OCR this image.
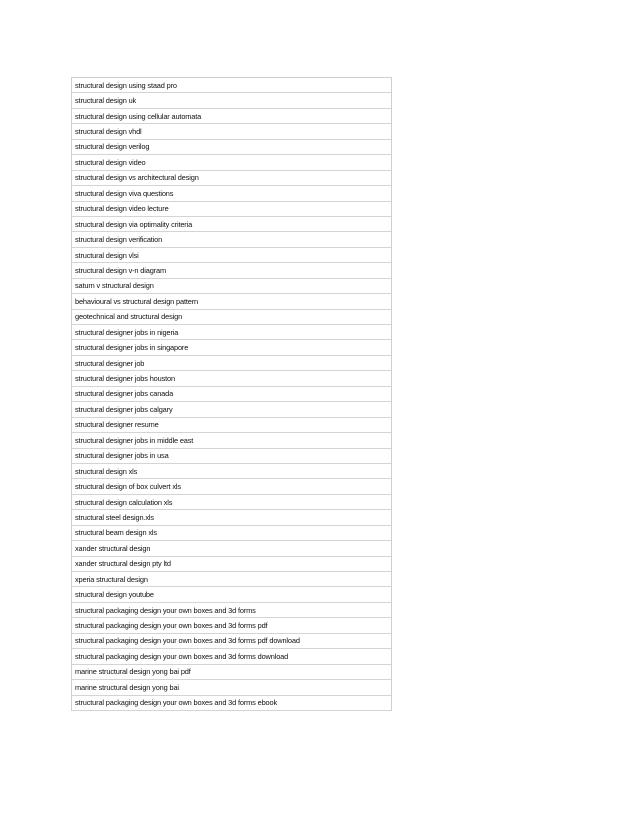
structural design using staad pro
structural design uk
structural design using cellular automata
structural design vhdl
structural design verilog
structural design video
structural design vs architectural design
structural design viva questions
structural design video lecture
structural design via optimality criteria
structural design verification
structural design vlsi
structural design v-n diagram
saturn v structural design
behavioural vs structural design pattern
geotechnical and structural design
structural designer jobs in nigeria
structural designer jobs in singapore
structural designer job
structural designer jobs houston
structural designer jobs canada
structural designer jobs calgary
structural designer resume
structural designer jobs in middle east
structural designer jobs in usa
structural design xls
structural design of box culvert xls
structural design calculation xls
structural steel design.xls
structural beam design xls
xander structural design
xander structural design pty ltd
xperia structural design
structural design youtube
structural packaging design your own boxes and 3d forms
structural packaging design your own boxes and 3d forms pdf
structural packaging design your own boxes and 3d forms pdf download
structural packaging design your own boxes and 3d forms download
marine structural design yong bai pdf
marine structural design yong bai
structural packaging design your own boxes and 3d forms ebook
